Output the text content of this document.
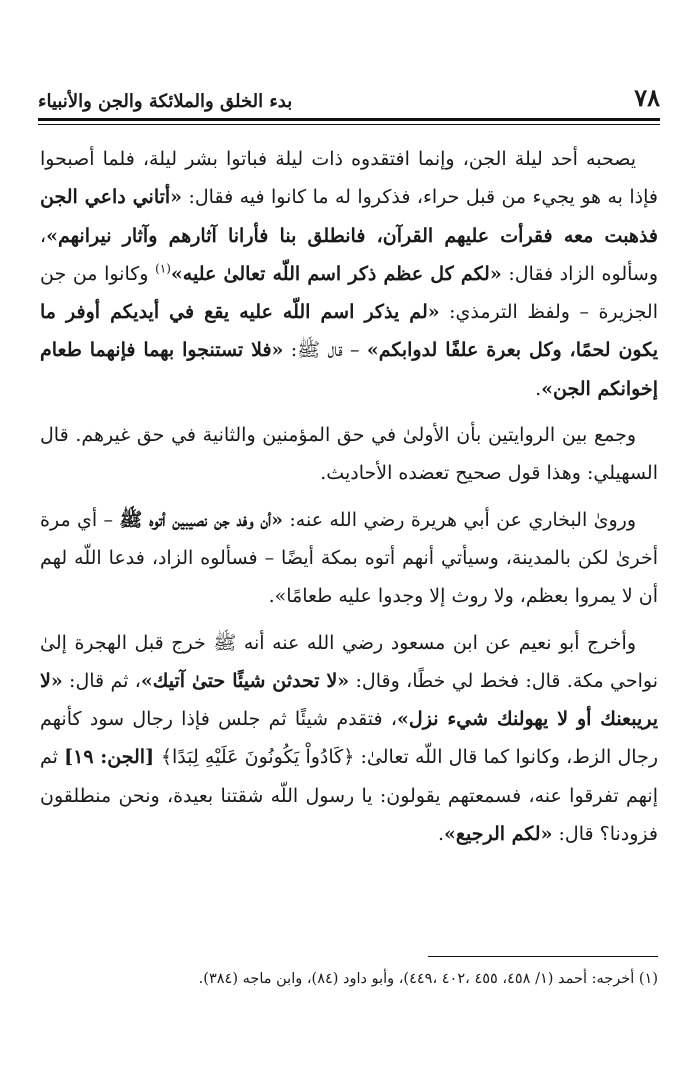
٧٨
بدء الخلق والملائكة والجن والأنبياء

يصحبه أحد ليلة الجن، وإنما افتقدوه ذات ليلة فباتوا بشر ليلة، فلما أصبحوا فإذا به هو يجيء من قبل حراء، فذكروا له ما كانوا فيه فقال: «أتاني داعي الجن فذهبت معه فقرأت عليهم القرآن، فانطلق بنا فأرانا آثارهم وآثار نيرانهم»، وسألوه الزاد فقال: «لكم كل عظم ذكر اسم اللّه تعالىٰ عليه»$^{(١)}$ وكانوا من جن الجزيرة – ولفظ الترمذي: «لم يذكر اسم اللّه عليه يقع في أيديكم أوفر ما يكون لحمًا، وكل بعرة علفًا لدوابكم» – قال ﷺ: «فلا تستنجوا بهما فإنهما طعام إخوانكم الجن».

وجمع بين الروايتين بأن الأولىٰ في حق المؤمنين والثانية في حق غيرهم. قال السهيلي: وهذا قول صحيح تعضده الأحاديث.

ورویٰ البخاري عن أبي هريرة رضي الله عنه: «أن وفد جن نصيبين أتوه ﷺ – أي مرة أخرىٰ لكن بالمدينة، وسيأتي أنهم أتوه بمكة أيضًا – فسألوه الزاد، فدعا اللّه لهم أن لا يمروا بعظم، ولا روث إلا وجدوا عليه طعامًا».

وأخرج أبو نعيم عن ابن مسعود رضي الله عنه أنه ﷺ خرج قبل الهجرة إلىٰ نواحي مكة. قال: فخط لي خطًا، وقال: «لا تحدثن شيئًا حتىٰ آتيك»، ثم قال: «لا يريبعنك أو لا يهولنك شيء نزل»، فتقدم شيئًا ثم جلس فإذا رجال سود كأنهم رجال الزط، وكانوا كما قال اللّه تعالىٰ: ﴿كَادُواْ يَكُونُونَ عَلَيْهِ لِبَدًا﴾ [الجن: ١٩] ثم إنهم تفرقوا عنه، فسمعتهم يقولون: يا رسول اللّه شقتنا بعيدة، ونحن منطلقون فزودنا؟ قال: «لكم الرجيع».

(١) أخرجه: أحمد (١/ ٤٥٨، ٤٥٥ ،٤٠٢ ،٤٤٩)، وأبو داود (٨٤)، وابن ماجه (٣٨٤).
